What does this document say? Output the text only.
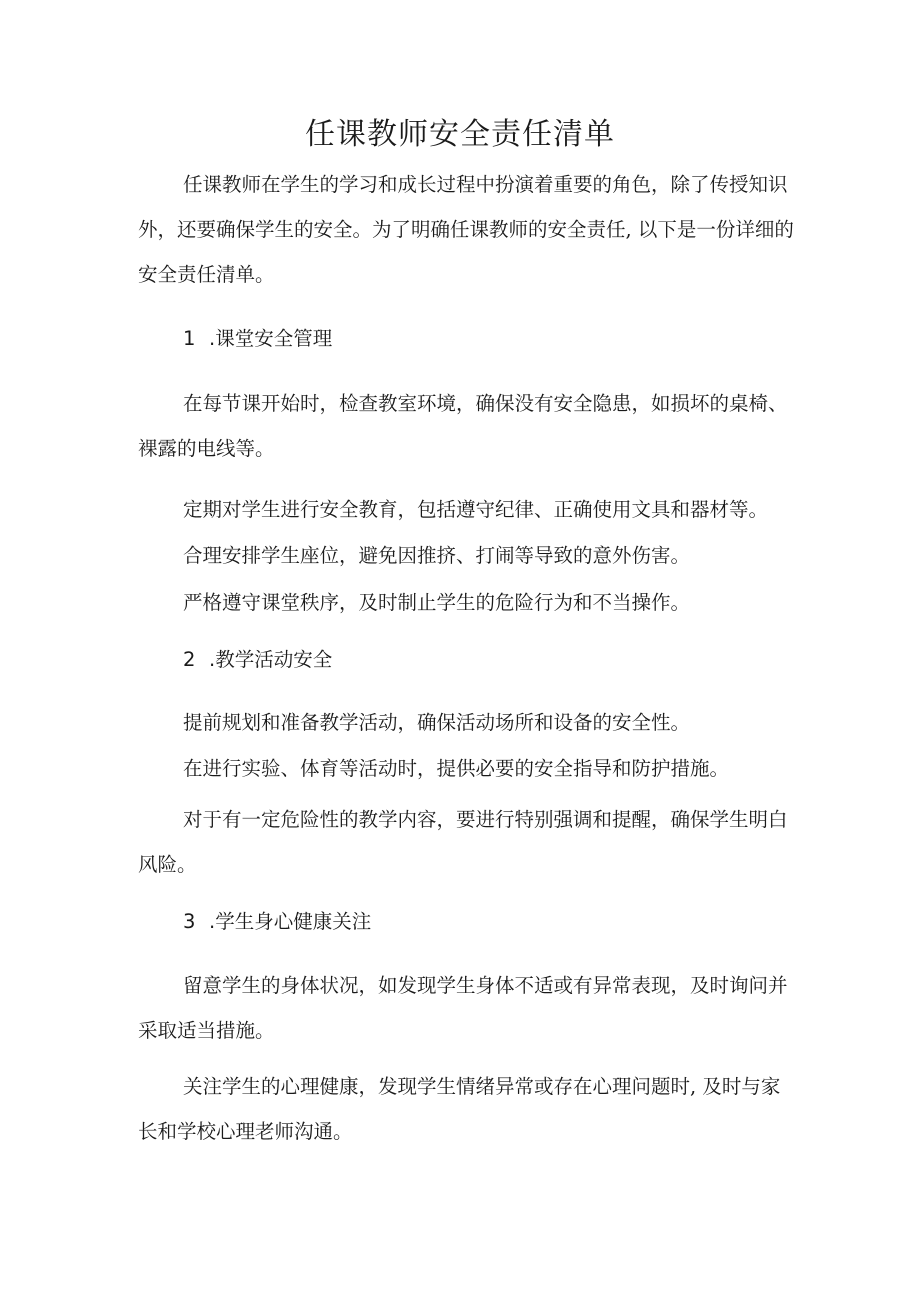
任课教师安全责任清单

任课教师在学生的学习和成长过程中扮演着重要的角色，除了传授知识外，还要确保学生的安全。为了明确任课教师的安全责任, 以下是一份详细的安全责任清单。

1 .课堂安全管理

在每节课开始时，检查教室环境，确保没有安全隐患，如损坏的桌椅、裸露的电线等。

定期对学生进行安全教育，包括遵守纪律、正确使用文具和器材等。

合理安排学生座位，避免因推挤、打闹等导致的意外伤害。

严格遵守课堂秩序，及时制止学生的危险行为和不当操作。

2 .教学活动安全

提前规划和准备教学活动，确保活动场所和设备的安全性。

在进行实验、体育等活动时，提供必要的安全指导和防护措施。

对于有一定危险性的教学内容，要进行特别强调和提醒，确保学生明白风险。

3 .学生身心健康关注

留意学生的身体状况，如发现学生身体不适或有异常表现，及时询问并采取适当措施。

关注学生的心理健康，发现学生情绪异常或存在心理问题时, 及时与家长和学校心理老师沟通。
